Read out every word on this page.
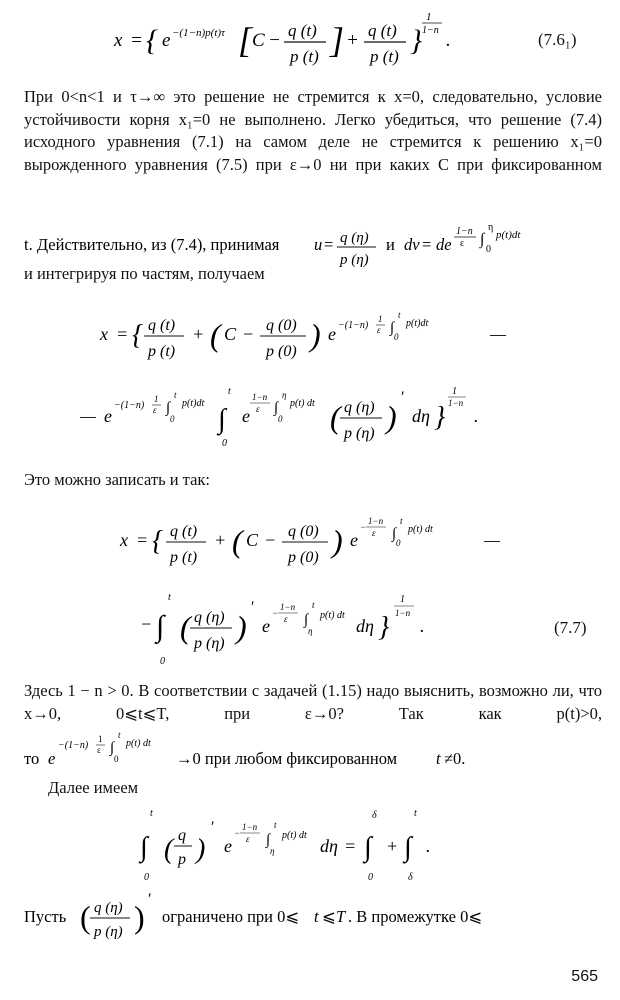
x = { e −(1−n)p(t)τ [ C − q (t)
p (t) ] + q (t)
p (t) }
1
1−n .	(7.6₁)
При 0<n<1 и τ→∞ это решение не стремится к x=0, следовательно, условие устойчивости корня x₁=0 не выполнено. Легко убедиться, что решение (7.4) исходного уравнения (7.1) на самом деле не стремится к решению x₁=0 вырожденного уравнения (7.5) при ε→0 ни при каких C при фиксированном
t. Действительно, из (7.4), принимая u = q (η)
p (η)
и dv = de
1−n
ε ∫
η
0
p(t)dt
и интегрируя по частям, получаем
x = { q (t)
p (t)
+ ( C − q (0)
p (0) ) e −(1−n)
1
ε ∫
t
0
p(t)dt
—
— e
−(1−n)
1
ε ∫
t
0
p(t)dt
∫
t
0
e
1−n
ε ∫
η
0
p(t) dt ( q (η)
p (η) )
′
dη }
1
1−n
.
Это можно записать и так:
x = { q (t)
p (t)
+ ( C − q (0)
p (0) ) e
−
1−n
ε ∫
t
0
p(t) dt
—
− ∫
t
0
( q (η)
p (η) )
′
e
−
1−n
ε ∫
t
η
p(t) dt
dη }
1
1−n
.	(7.7)
Здесь 1 − n > 0. В соответствии с задачей (1.15) надо выяснить, возможно ли, что x→0, 0⩽t⩽T, при ε→0? Так как p(t)>0,
то e
−(1−n)
1
ε ∫
t
0
p(t) dt
→0 при любом фиксированном t ≠0.
Далее имеем
∫
t
0
( q
p )
′
e
−
1−n
ε ∫
t
η
p(t) dt
dη = ∫
δ
0
+ ∫
t
δ
.
Пусть ( q (η)
p (η) ) ′
ограничено при 0⩽ t ⩽ T . В промежутке 0⩽
565
